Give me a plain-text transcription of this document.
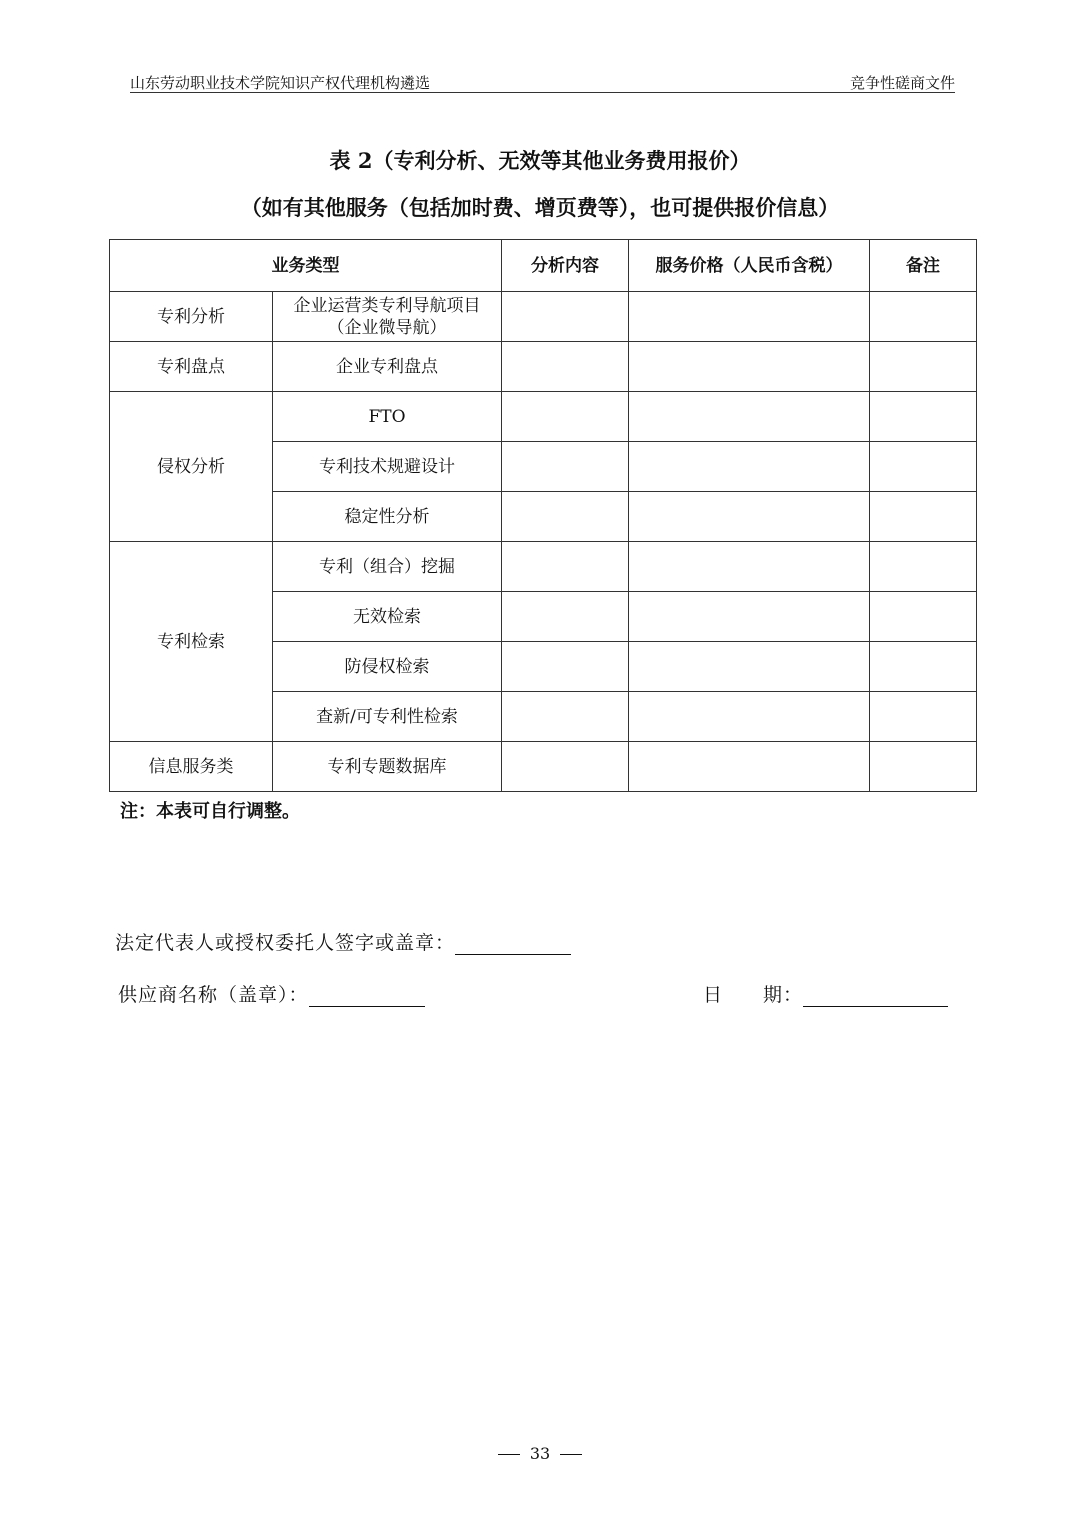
山东劳动职业技术学院知识产权代理机构遴选	竞争性磋商文件
表 2（专利分析、无效等其他业务费用报价）
（如有其他服务（包括加时费、增页费等），也可提供报价信息）
业务类型		分析内容	服务价格（人民币含税）	备注
专利分析	企业运营类专利导航项目
（企业微导航）			
专利盘点	企业专利盘点			
侵权分析	FTO			
	专利技术规避设计			
	稳定性分析			
专利检索	专利（组合）挖掘			
	无效检索			
	防侵权检索			
	查新/可专利性检索			
信息服务类	专利专题数据库			
注：本表可自行调整。
法定代表人或授权委托人签字或盖章：
供应商名称（盖章）：	日　　期：
33
